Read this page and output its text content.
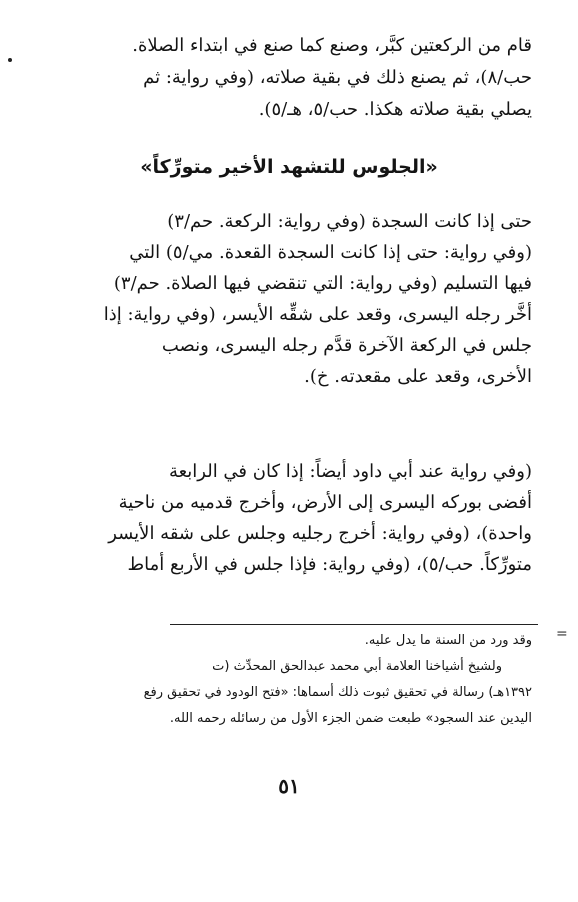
قام من الركعتين كبَّر، وصنع كما صنع في ابتداء الصلاة.
حب/٨)، ثم يصنع ذلك في بقية صلاته، (وفي رواية: ثم
يصلي بقية صلاته هكذا. حب/٥، هـ/٥).
«الجلوس للتشهد الأخير متورِّكاً»
حتى إذا كانت السجدة (وفي رواية: الركعة. حم/٣)
(وفي رواية: حتى إذا كانت السجدة القعدة. مي/٥) التي
فيها التسليم (وفي رواية: التي تنقضي فيها الصلاة. حم/٣)
أخَّر رجله اليسرى، وقعد على شقِّه الأيسر، (وفي رواية: إذا
جلس في الركعة الآخرة قدَّم رجله اليسرى، ونصب
الأخرى، وقعد على مقعدته. خ).
(وفي رواية عند أبي داود أيضاً: إذا كان في الرابعة
أفضى بوركه اليسرى إلى الأرض، وأخرج قدميه من ناحية
واحدة)، (وفي رواية: أخرج رجليه وجلس على شقه الأيسر
متورِّكاً. حب/٥)، (وفي رواية: فإذا جلس في الأربع أماط
=
وقد ورد من السنة ما يدل عليه.
ولشيخ أشياخنا العلامة أبي محمد عبدالحق المحدِّث (ت
١٣٩٢هـ) رسالة في تحقيق ثبوت ذلك أسماها: «فتح الودود في تحقيق رفع
اليدين عند السجود» طبعت ضمن الجزء الأول من رسائله رحمه الله.
٥١
